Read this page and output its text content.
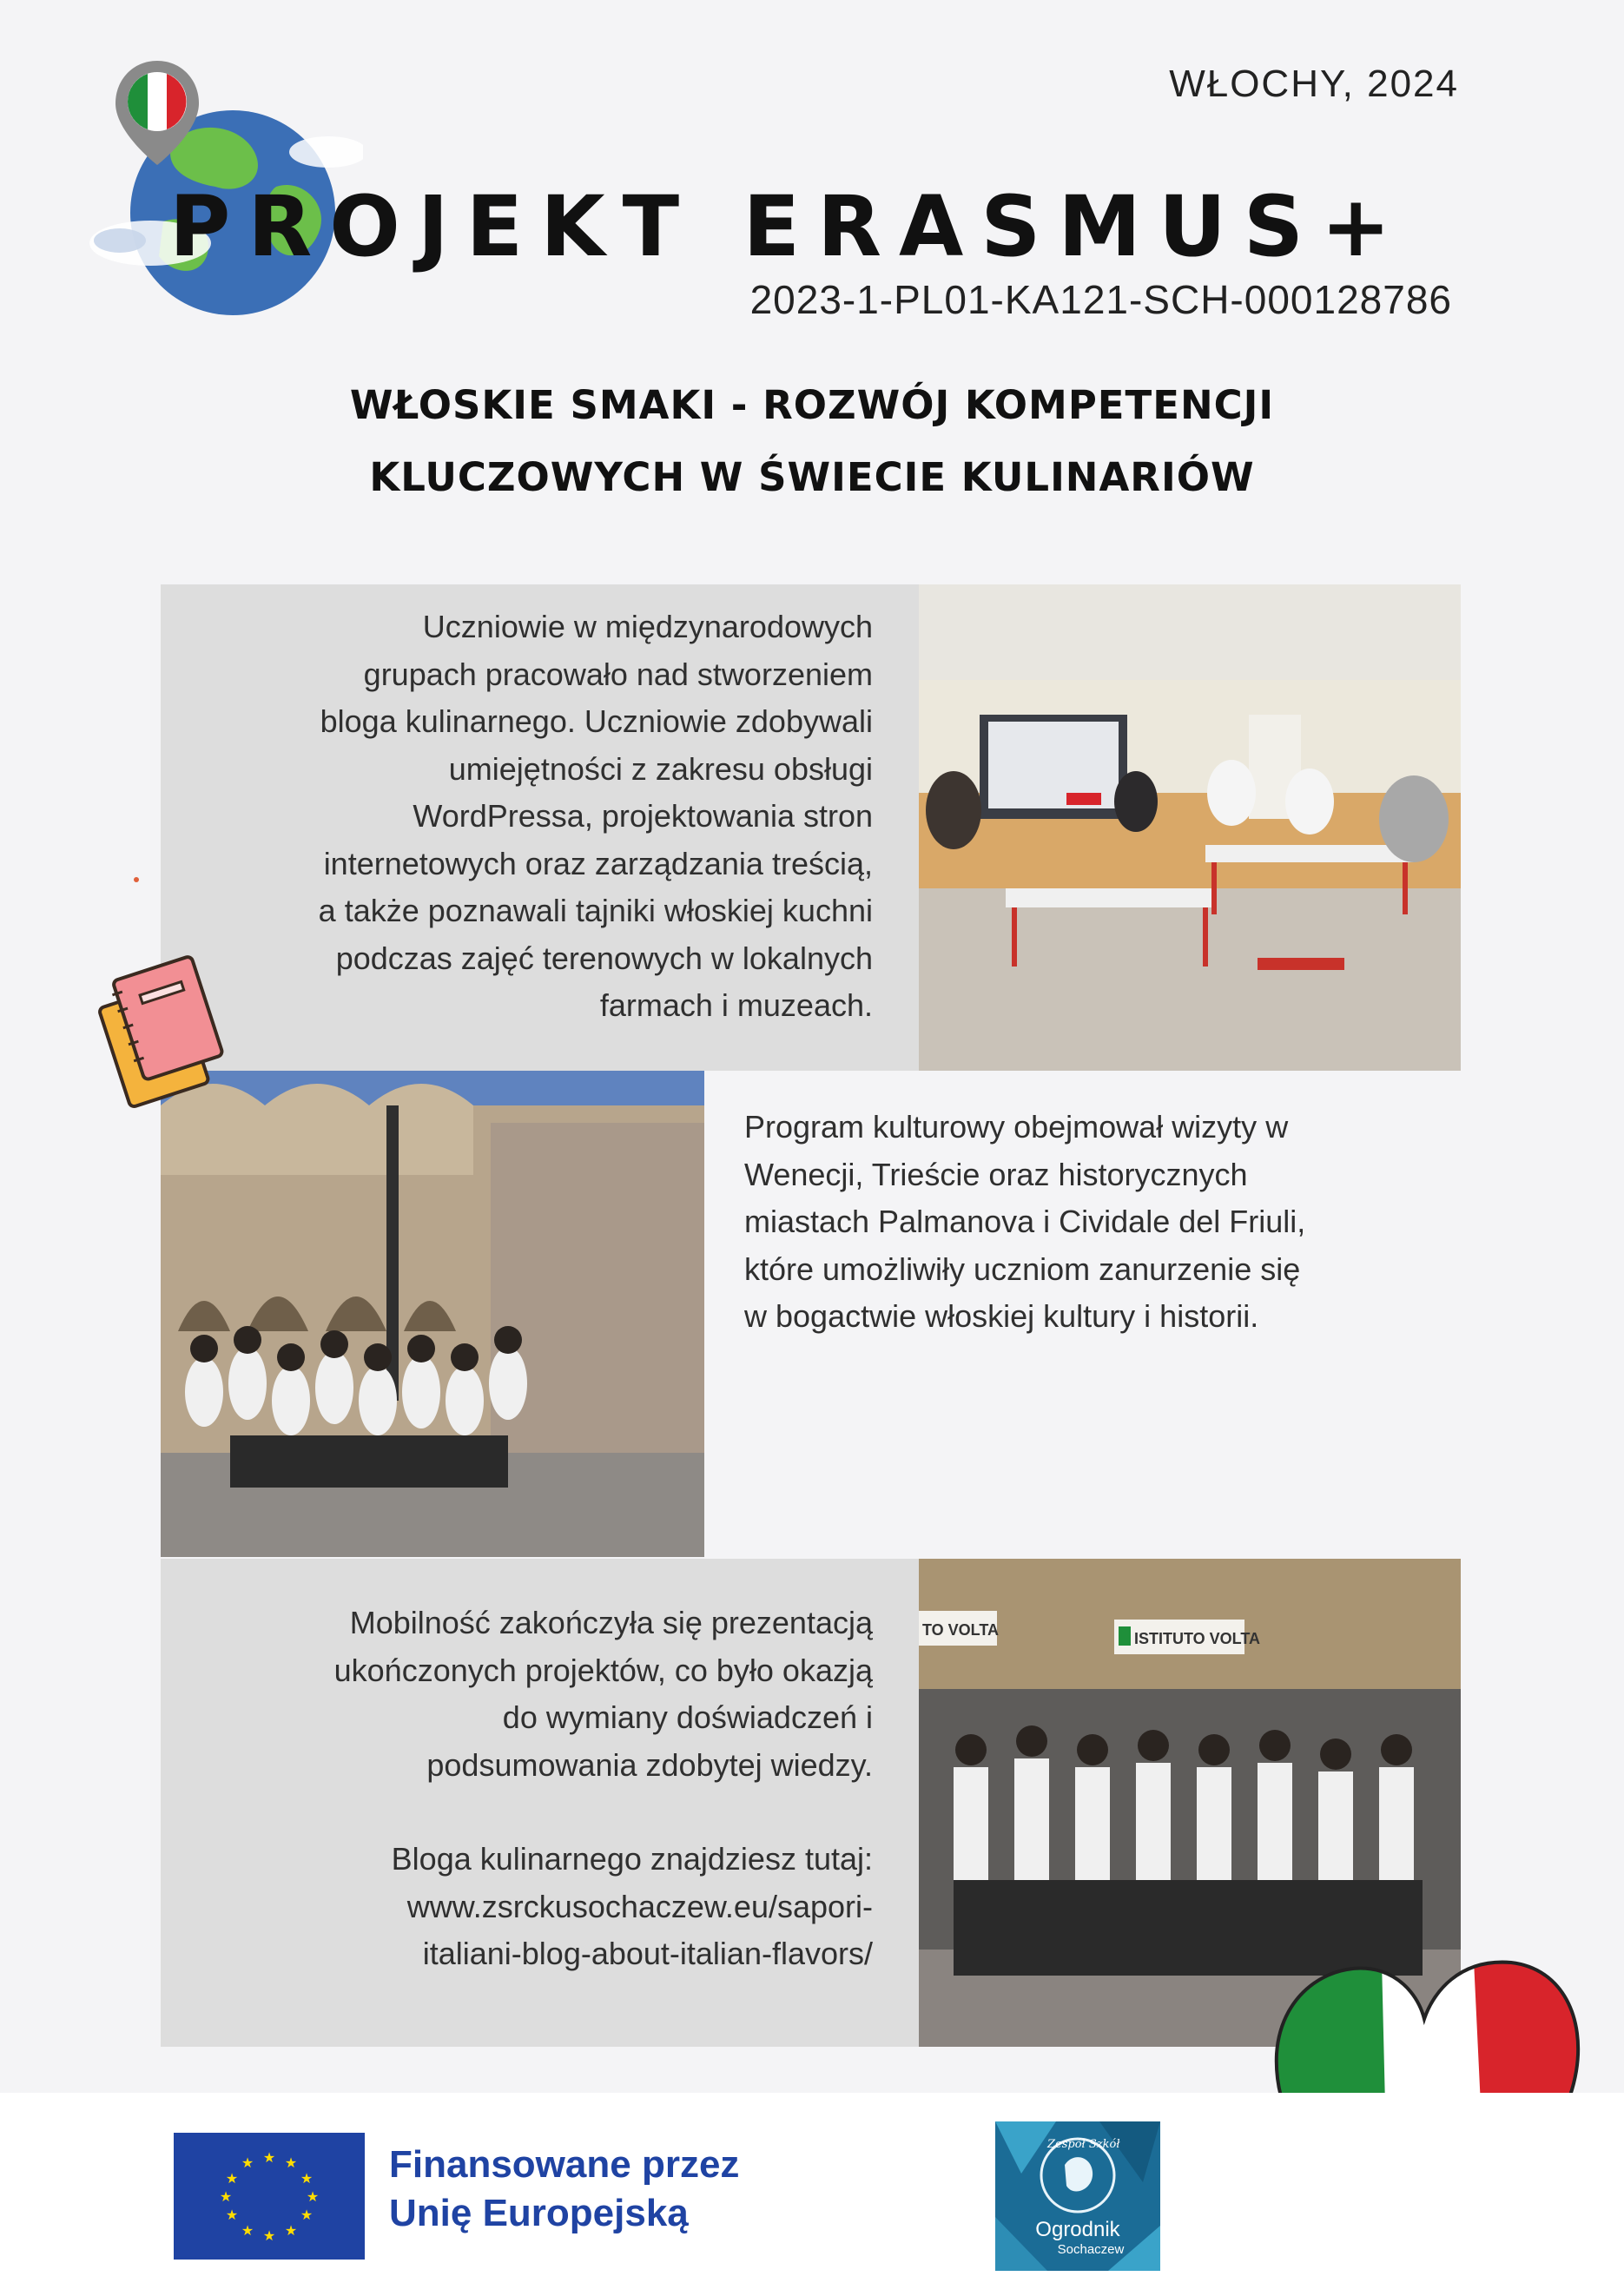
WŁOCHY, 2024
PROJEKT ERASMUS+
2023-1-PL01-KA121-SCH-000128786
WŁOSKIE SMAKI - ROZWÓJ KOMPETENCJI
KLUCZOWYCH W ŚWIECIE KULINARIÓW
Uczniowie w międzynarodowych
grupach pracowało nad stworzeniem
bloga kulinarnego. Uczniowie zdobywali
umiejętności z zakresu obsługi
WordPressa, projektowania stron
internetowych oraz zarządzania treścią,
a także poznawali tajniki włoskiej kuchni
podczas zajęć terenowych w lokalnych
farmach i muzeach.
Program kulturowy obejmował wizyty w
Wenecji, Trieście oraz historycznych
miastach Palmanova i Cividale del Friuli,
które umożliwiły uczniom zanurzenie się
w bogactwie włoskiej kultury i historii.
Mobilność zakończyła się prezentacją
ukończonych projektów, co było okazją
do wymiany doświadczeń i
podsumowania zdobytej wiedzy.
Bloga kulinarnego znajdziesz tutaj:
www.zsrckusochaczew.eu/sapori-
italiani-blog-about-italian-flavors/
TO VOLTA	ISTITUTO VOLTA
★ ★
★
★
★
★
★
★
★
★
★
★	Finansowane przez
Unię Europejską
Zespół Szkół
Ogrodnik
Sochaczew
